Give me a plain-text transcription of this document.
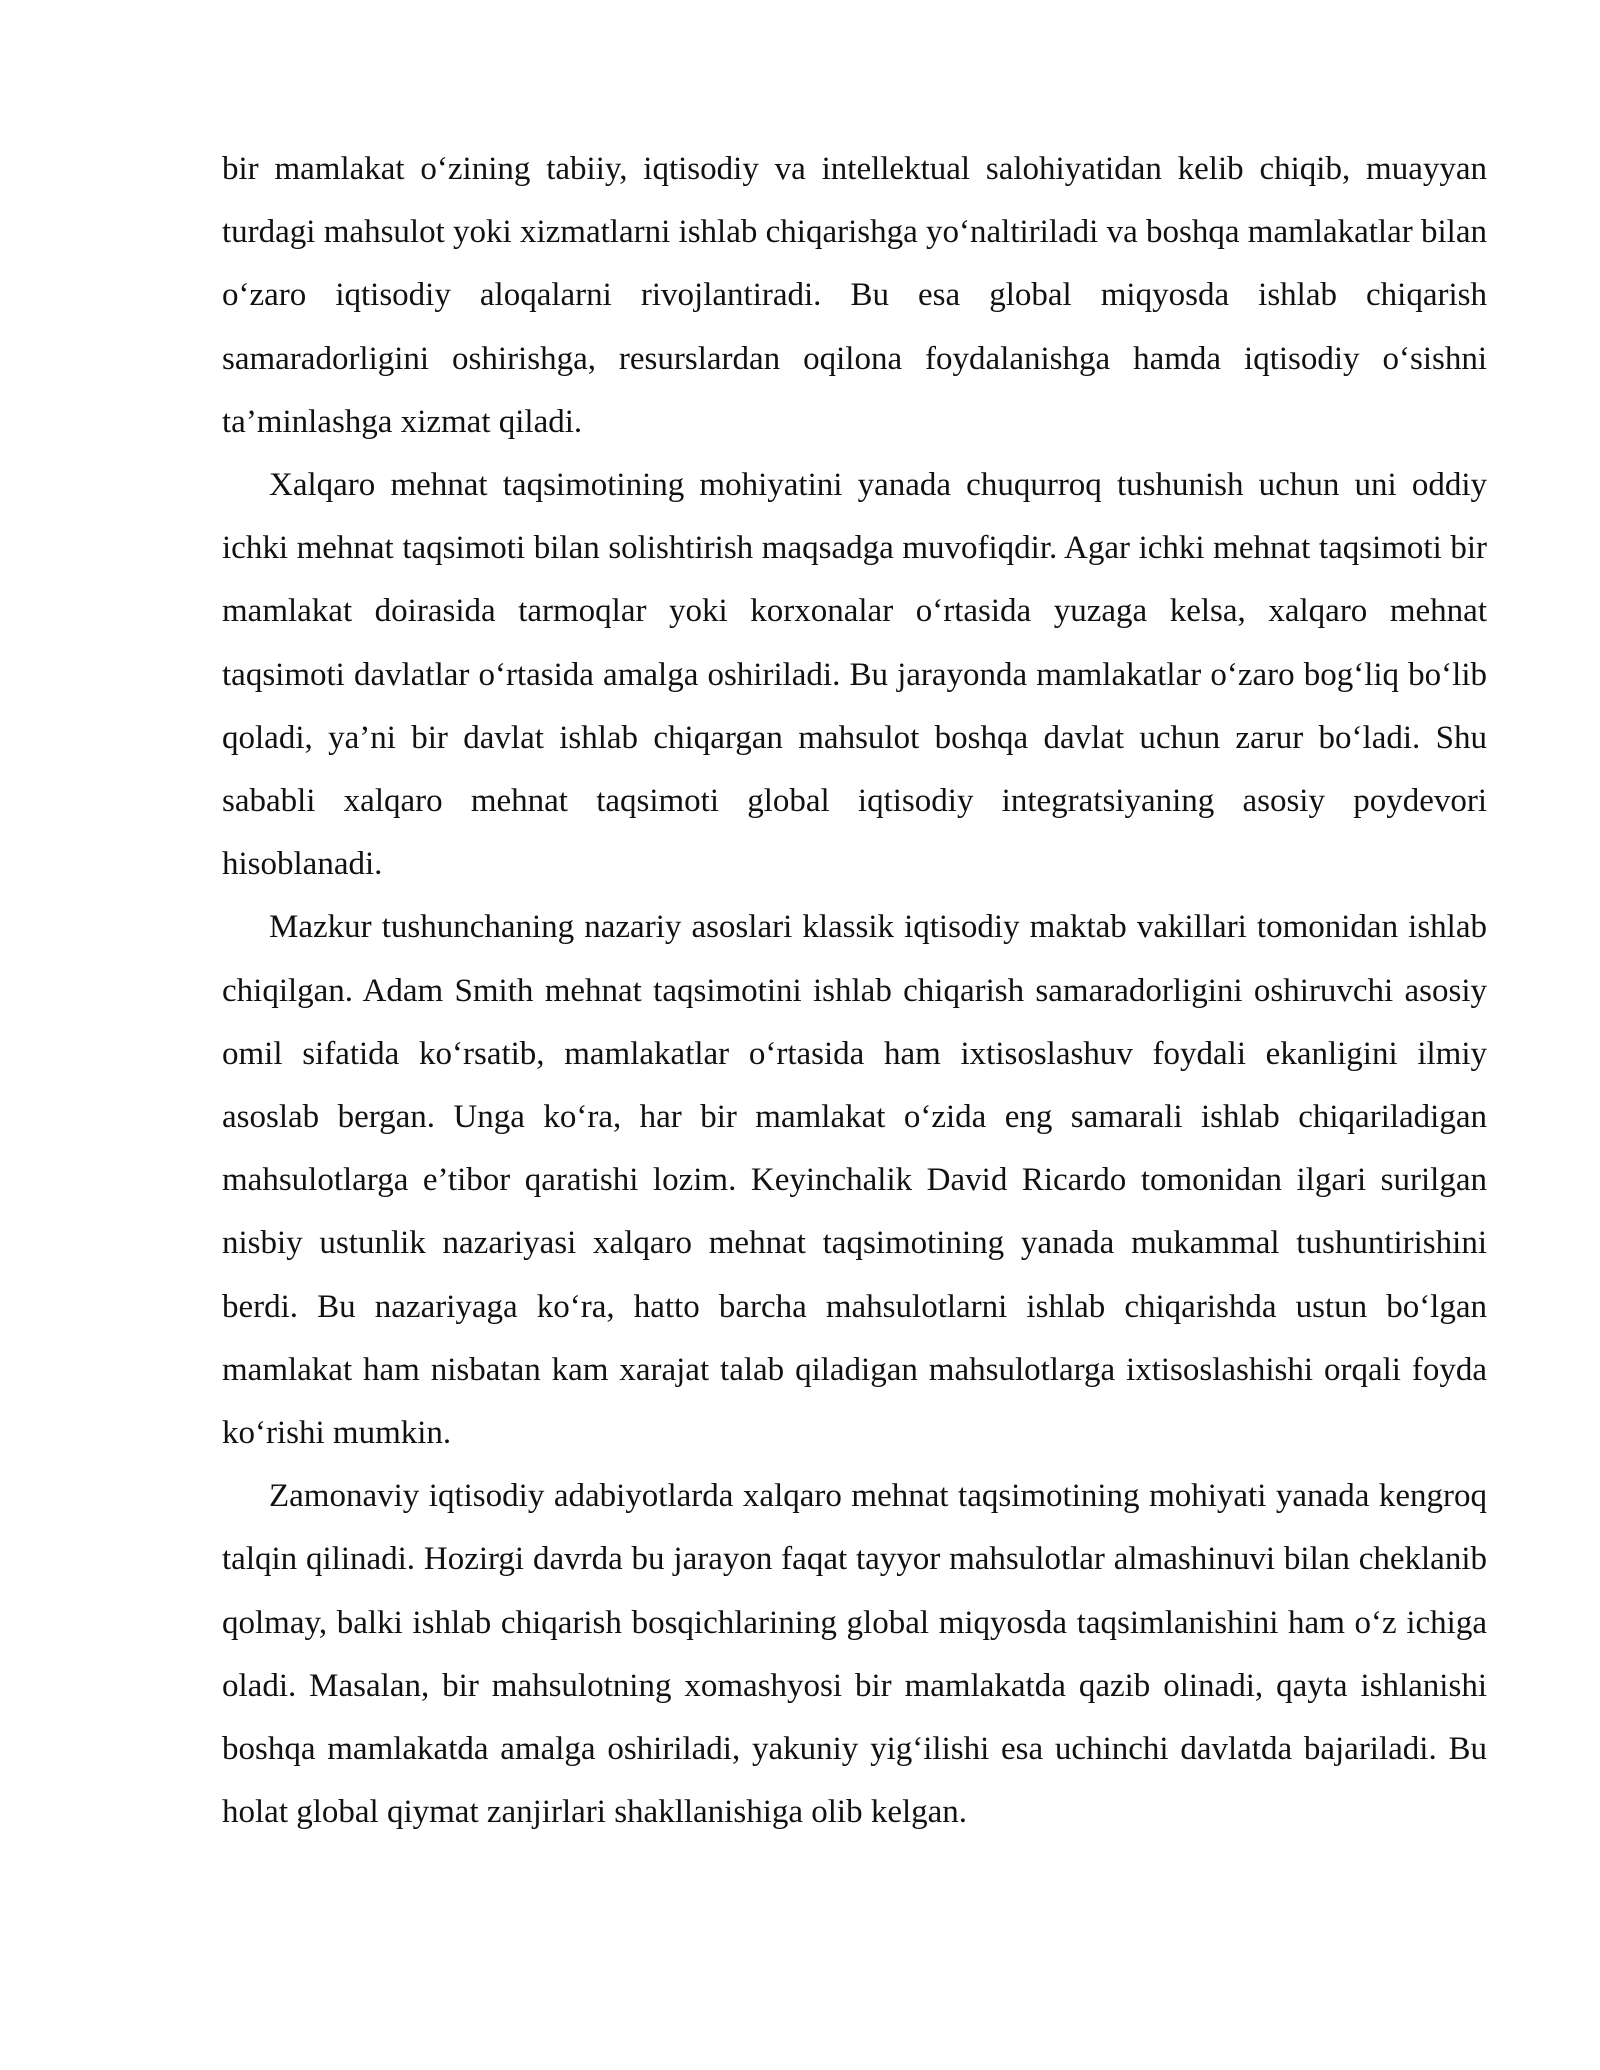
bir mamlakat o‘zining tabiiy, iqtisodiy va intellektual salohiyatidan kelib chiqib, muayyan turdagi mahsulot yoki xizmatlarni ishlab chiqarishga yo‘naltiriladi va boshqa mamlakatlar bilan o‘zaro iqtisodiy aloqalarni rivojlantiradi. Bu esa global miqyosda ishlab chiqarish samaradorligini oshirishga, resurslardan oqilona foydalanishga hamda iqtisodiy o‘sishni ta’minlashga xizmat qiladi.

Xalqaro mehnat taqsimotining mohiyatini yanada chuqurroq tushunish uchun uni oddiy ichki mehnat taqsimoti bilan solishtirish maqsadga muvofiqdir. Agar ichki mehnat taqsimoti bir mamlakat doirasida tarmoqlar yoki korxonalar o‘rtasida yuzaga kelsa, xalqaro mehnat taqsimoti davlatlar o‘rtasida amalga oshiriladi. Bu jarayonda mamlakatlar o‘zaro bog‘liq bo‘lib qoladi, ya’ni bir davlat ishlab chiqargan mahsulot boshqa davlat uchun zarur bo‘ladi. Shu sababli xalqaro mehnat taqsimoti global iqtisodiy integratsiyaning asosiy poydevori hisoblanadi.

Mazkur tushunchaning nazariy asoslari klassik iqtisodiy maktab vakillari tomonidan ishlab chiqilgan. Adam Smith mehnat taqsimotini ishlab chiqarish samaradorligini oshiruvchi asosiy omil sifatida ko‘rsatib, mamlakatlar o‘rtasida ham ixtisoslashuv foydali ekanligini ilmiy asoslab bergan. Unga ko‘ra, har bir mamlakat o‘zida eng samarali ishlab chiqariladigan mahsulotlarga e’tibor qaratishi lozim. Keyinchalik David Ricardo tomonidan ilgari surilgan nisbiy ustunlik nazariyasi xalqaro mehnat taqsimotining yanada mukammal tushuntirishini berdi. Bu nazariyaga ko‘ra, hatto barcha mahsulotlarni ishlab chiqarishda ustun bo‘lgan mamlakat ham nisbatan kam xarajat talab qiladigan mahsulotlarga ixtisoslashishi orqali foyda ko‘rishi mumkin.

Zamonaviy iqtisodiy adabiyotlarda xalqaro mehnat taqsimotining mohiyati yanada kengroq talqin qilinadi. Hozirgi davrda bu jarayon faqat tayyor mahsulotlar almashinuvi bilan cheklanib qolmay, balki ishlab chiqarish bosqichlarining global miqyosda taqsimlanishini ham o‘z ichiga oladi. Masalan, bir mahsulotning xomashyosi bir mamlakatda qazib olinadi, qayta ishlanishi boshqa mamlakatda amalga oshiriladi, yakuniy yig‘ilishi esa uchinchi davlatda bajariladi. Bu holat global qiymat zanjirlari shakllanishiga olib kelgan.
